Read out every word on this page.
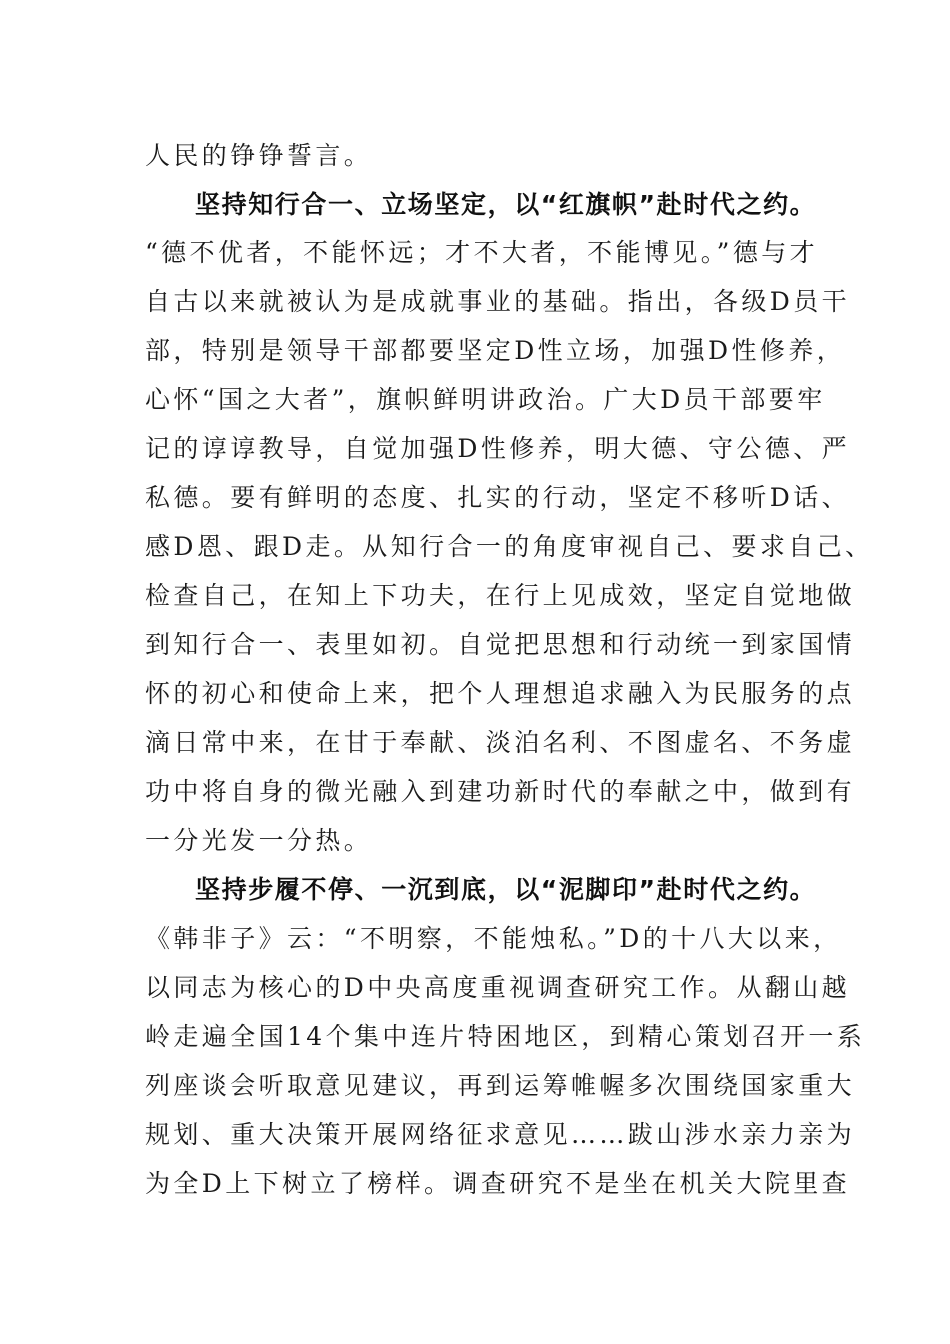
人民的铮铮誓言。
坚持知行合一、立场坚定，以“红旗帜”赴时代之约。
“德不优者，不能怀远；才不大者，不能博见。”德与才
自古以来就被认为是成就事业的基础。指出，各级D员干
部，特别是领导干部都要坚定D性立场，加强D性修养，
心怀“国之大者”，旗帜鲜明讲政治。广大D员干部要牢
记的谆谆教导，自觉加强D性修养，明大德、守公德、严
私德。要有鲜明的态度、扎实的行动，坚定不移听D话、
感D恩、跟D走。从知行合一的角度审视自己、要求自己、
检查自己，在知上下功夫，在行上见成效，坚定自觉地做
到知行合一、表里如初。自觉把思想和行动统一到家国情
怀的初心和使命上来，把个人理想追求融入为民服务的点
滴日常中来，在甘于奉献、淡泊名利、不图虚名、不务虚
功中将自身的微光融入到建功新时代的奉献之中，做到有
一分光发一分热。
坚持步履不停、一沉到底，以“泥脚印”赴时代之约。
《韩非子》云：“不明察，不能烛私。”D的十八大以来，
以同志为核心的D中央高度重视调查研究工作。从翻山越
岭走遍全国14个集中连片特困地区，到精心策划召开一系
列座谈会听取意见建议，再到运筹帷幄多次围绕国家重大
规划、重大决策开展网络征求意见……跋山涉水亲力亲为
为全D上下树立了榜样。调查研究不是坐在机关大院里查
